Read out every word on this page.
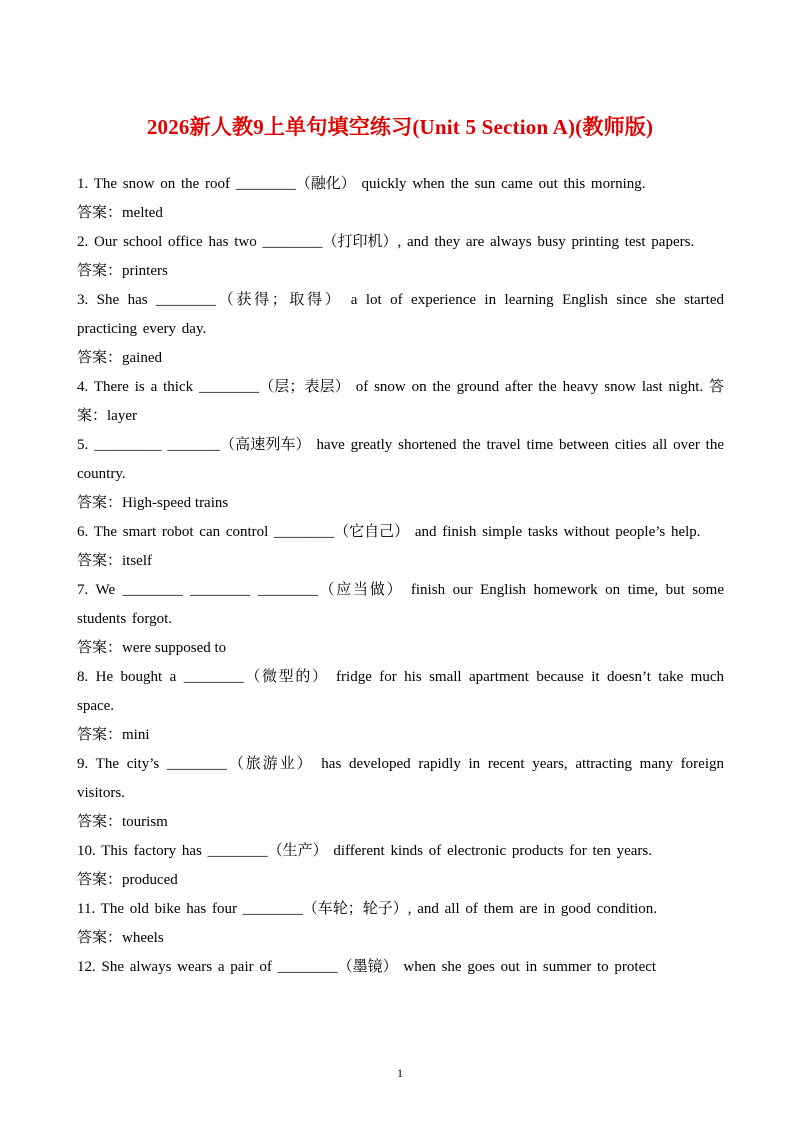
2026新人教9上单句填空练习(Unit 5 Section A)(教师版)
1. The snow on the roof ________（融化） quickly when the sun came out this morning.
答案：melted
2. Our school office has two ________（打印机）, and they are always busy printing test papers.
答案：printers
3. She has ________（获得；取得） a lot of experience in learning English since she started practicing every day.
答案：gained
4. There is a thick ________（层；表层） of snow on the ground after the heavy snow last night. 答案：layer
5. _________ _______（高速列车） have greatly shortened the travel time between cities all over the country.
答案：High-speed trains
6. The smart robot can control ________（它自己） and finish simple tasks without people’s help.
答案：itself
7. We ________ ________ ________（应当做） finish our English homework on time, but some students forgot.
答案：were supposed to
8. He bought a ________（微型的） fridge for his small apartment because it doesn’t take much space.
答案：mini
9. The city’s ________（旅游业） has developed rapidly in recent years, attracting many foreign visitors.
答案：tourism
10. This factory has ________（生产） different kinds of electronic products for ten years.
答案：produced
11. The old bike has four ________（车轮；轮子）, and all of them are in good condition.
答案：wheels
12. She always wears a pair of ________（墨镜） when she goes out in summer to protect
1
